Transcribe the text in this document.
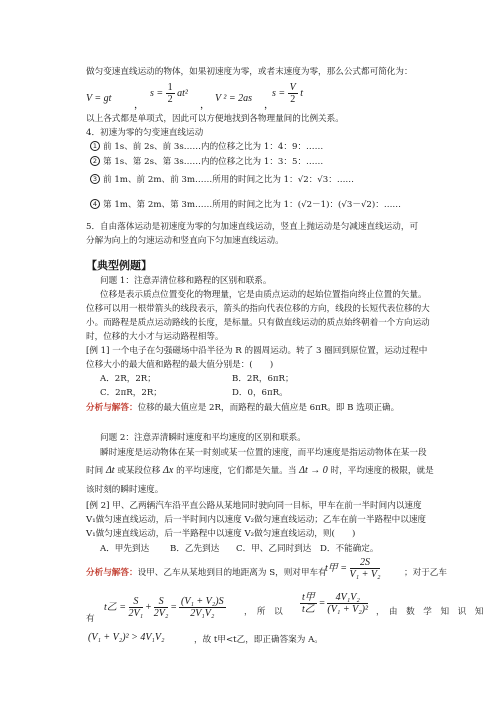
做匀变速直线运动的物体，如果初速度为零，或者末速度为零，那么公式都可简化为：
V = gt
，
$s = \frac{1}{2} at^2$
，
V ² = 2as
，
$s = \frac{V}{2}$ t
以上各式都是单项式，因此可以方便地找到各物理量间的比例关系。
4．初速为零的匀变速直线运动
1 前 1s、前 2s、前 3s……内的位移之比为 1：4：9：……
2 第 1s、第 2s、第 3s……内的位移之比为 1：3：5：……
3 前 1m、前 2m、前 3m……所用的时间之比为 1：√2：√3：……
4 第 1m、第 2m、第 3m……所用的时间之比为 1：(√2－1)：(√3－√2)：……
5．自由落体运动是初速度为零的匀加速直线运动，竖直上抛运动是匀减速直线运动，可
分解为向上的匀速运动和竖直向下匀加速直线运动。
【典型例题】
问题 1：注意弄清位移和路程的区别和联系。
位移是表示质点位置变化的物理量，它是由质点运动的起始位置指向终止位置的矢量。
位移可以用一根带箭头的线段表示，箭头的指向代表位移的方向，线段的长短代表位移的大
小。而路程是质点运动路线的长度，是标量。只有做直线运动的质点始终朝着一个方向运动
时，位移的大小才与运动路程相等。
[例 1] 一个电子在匀强磁场中沿半径为 R 的圆周运动。转了 3 圈回到原位置，运动过程中
位移大小的最大值和路程的最大值分别是：(　　)
A．2R，2R；	B．2R，6πR；
C．2πR，2R；	D．0，6πR。
分析与解答：位移的最大值应是 2R，而路程的最大值应是 6πR。即 B 选项正确。
问题 2：注意弄清瞬时速度和平均速度的区别和联系。
瞬时速度是运动物体在某一时刻或某一位置的速度，而平均速度是指运动物体在某一段
时间 Δt 或某段位移 Δx 的平均速度，它们都是矢量。当 Δt → 0 时，平均速度的极限，就是
该时刻的瞬时速度。
[例 2] 甲、乙两辆汽车沿平直公路从某地同时驶向同一目标，甲车在前一半时间内以速度
V₁做匀速直线运动，后一半时间内以速度 V₂做匀速直线运动；乙车在前一半路程中以速度
V₁做匀速直线运动，后一半路程中以速度 V₂做匀速直线运动，则(　　)
A．甲先到达 B．乙先到达 C．甲、乙同时到达 D．不能确定。
分析与解答：设甲、乙车从某地到目的地距离为 S，则对甲车有
t甲 = $\frac{2S}{\text{V₁ + V₂}}$	；对于乙车
有
t乙 = $\frac{S}{\text{2V₁}} + \frac{S}{\text{2V₂}} = \frac{\text{(V₁ + V₂)S}}{\text{2V₁V₂}}$ ，　所　以 $\frac{\text{t甲}}{\text{t乙}} = \frac{\text{4V₁V₂}}{\text{(V₁ + V₂)²}}$ ，　由　数　学　知　识　知
(V₁ + V₂)² > 4V₁V₂	，故 t甲<t乙，即正确答案为 A。
